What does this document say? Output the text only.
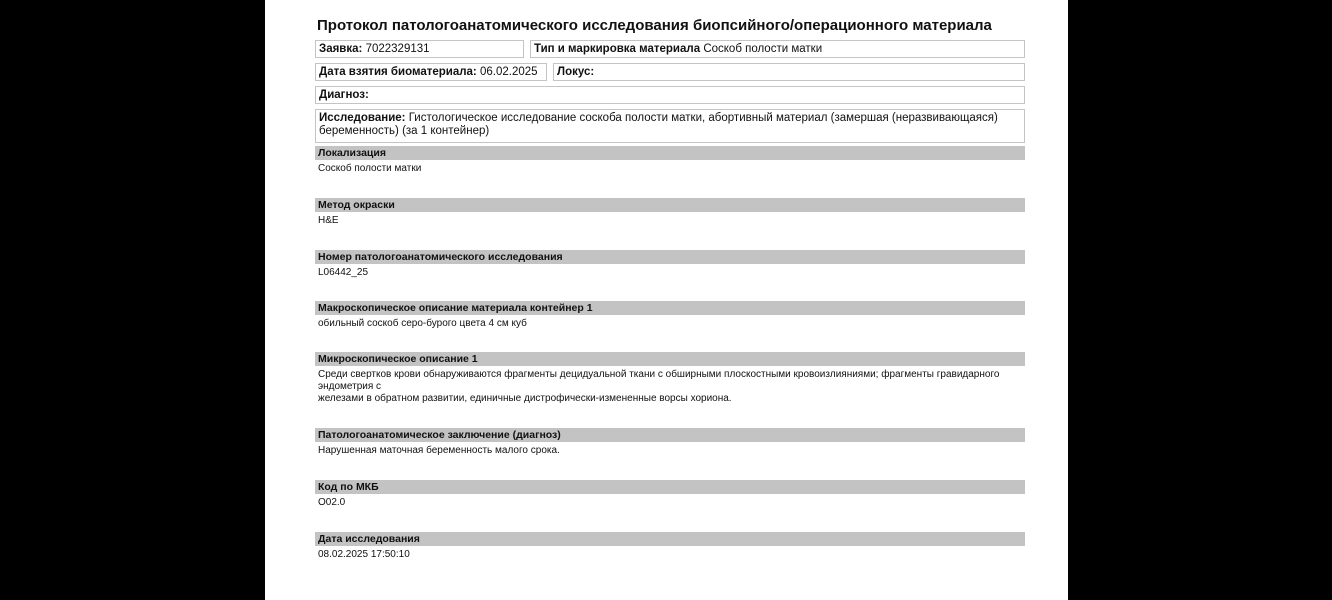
Протокол патологоанатомического исследования биопсийного/операционного материала
Заявка: 7022329131	Тип и маркировка материала Соскоб полости матки
Дата взятия биоматериала: 06.02.2025	Локус:
Диагноз:
Исследование: Гистологическое исследование соскоба полости матки, абортивный материал (замершая (неразвивающаяся) беременность) (за 1 контейнер)
Локализация
Соскоб полости матки
Метод окраски
H&E
Номер патологоанатомического исследования
L06442_25
Макроскопическое описание материала контейнер 1
обильный соскоб серо-бурого цвета 4 см куб
Микроскопическое описание 1
Среди свертков крови обнаруживаются фрагменты децидуальной ткани с обширными плоскостными кровоизлияниями; фрагменты гравидарного
эндометрия с
железами в обратном развитии, единичные дистрофически-измененные ворсы хориона.
Патологоанатомическое заключение (диагноз)
Нарушенная маточная беременность малого срока.
Код по МКБ
O02.0
Дата исследования
08.02.2025 17:50:10
